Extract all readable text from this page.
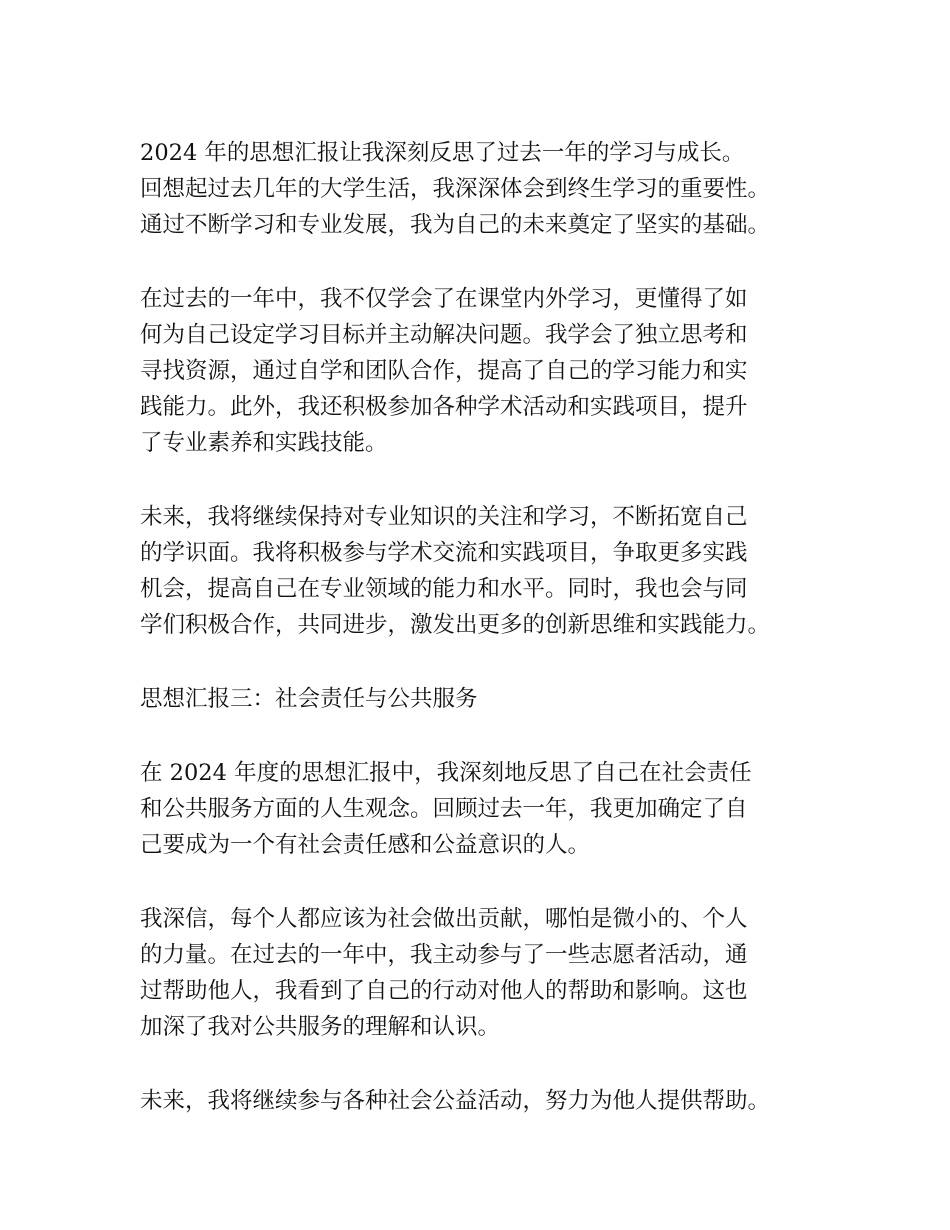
2024 年的思想汇报让我深刻反思了过去一年的学习与成长。
回想起过去几年的大学生活，我深深体会到终生学习的重要性。
通过不断学习和专业发展，我为自己的未来奠定了坚实的基础。
在过去的一年中，我不仅学会了在课堂内外学习，更懂得了如
何为自己设定学习目标并主动解决问题。我学会了独立思考和
寻找资源，通过自学和团队合作，提高了自己的学习能力和实
践能力。此外，我还积极参加各种学术活动和实践项目，提升
了专业素养和实践技能。
未来，我将继续保持对专业知识的关注和学习，不断拓宽自己
的学识面。我将积极参与学术交流和实践项目，争取更多实践
机会，提高自己在专业领域的能力和水平。同时，我也会与同
学们积极合作，共同进步，激发出更多的创新思维和实践能力。
思想汇报三：社会责任与公共服务
在 2024 年度的思想汇报中，我深刻地反思了自己在社会责任
和公共服务方面的人生观念。回顾过去一年，我更加确定了自
己要成为一个有社会责任感和公益意识的人。
我深信，每个人都应该为社会做出贡献，哪怕是微小的、个人
的力量。在过去的一年中，我主动参与了一些志愿者活动，通
过帮助他人，我看到了自己的行动对他人的帮助和影响。这也
加深了我对公共服务的理解和认识。
未来，我将继续参与各种社会公益活动，努力为他人提供帮助。
